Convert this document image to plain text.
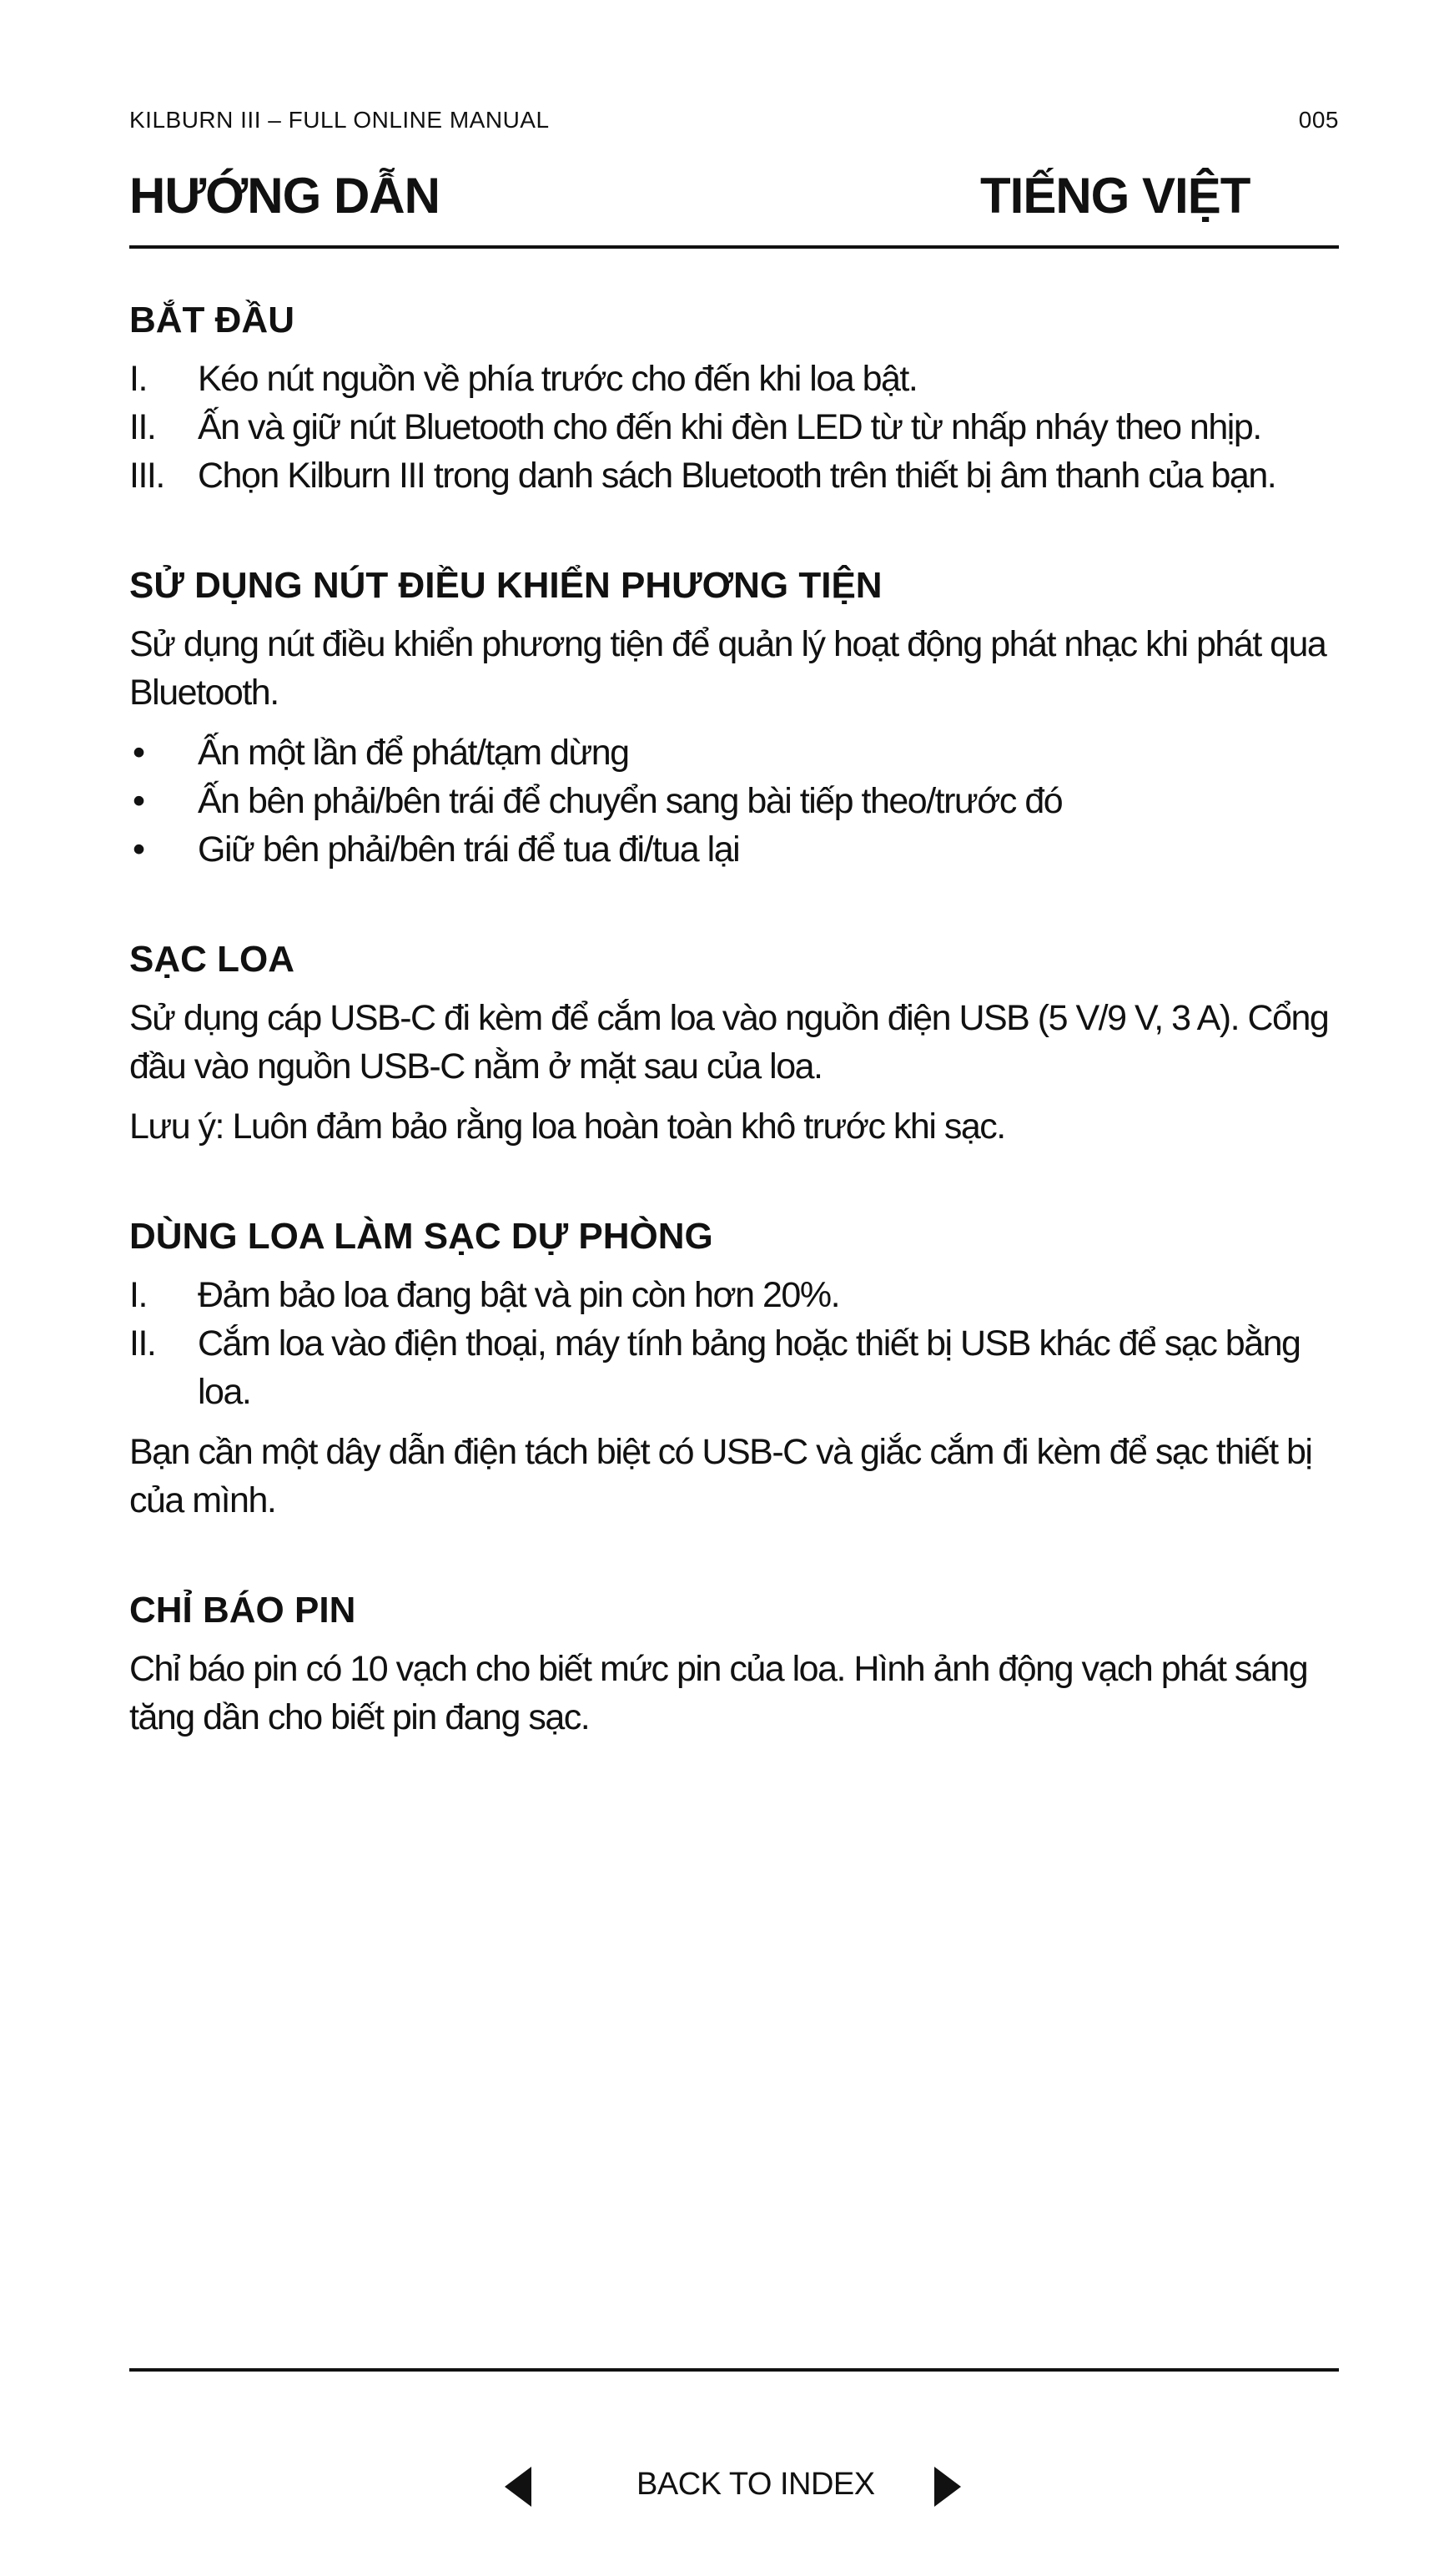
KILBURN III – FULL ONLINE MANUAL	005
HƯỚNG DẪN	TIẾNG VIỆT
BẮT ĐẦU
I. Kéo nút nguồn về phía trước cho đến khi loa bật.
II. Ấn và giữ nút Bluetooth cho đến khi đèn LED từ từ nhấp nháy theo nhịp.
III. Chọn Kilburn III trong danh sách Bluetooth trên thiết bị âm thanh của bạn.
SỬ DỤNG NÚT ĐIỀU KHIỂN PHƯƠNG TIỆN

Sử dụng nút điều khiển phương tiện để quản lý hoạt động phát nhạc khi phát qua Bluetooth.

• Ấn một lần để phát/tạm dừng
• Ấn bên phải/bên trái để chuyển sang bài tiếp theo/trước đó
• Giữ bên phải/bên trái để tua đi/tua lại
SẠC LOA

Sử dụng cáp USB-C đi kèm để cắm loa vào nguồn điện USB (5 V/9 V, 3 A). Cổng đầu vào nguồn USB-C nằm ở mặt sau của loa.

Lưu ý: Luôn đảm bảo rằng loa hoàn toàn khô trước khi sạc.

DÙNG LOA LÀM SẠC DỰ PHÒNG
I. Đảm bảo loa đang bật và pin còn hơn 20%.
II. Cắm loa vào điện thoại, máy tính bảng hoặc thiết bị USB khác để sạc bằng loa.

Bạn cần một dây dẫn điện tách biệt có USB-C và giắc cắm đi kèm để sạc thiết bị của mình.

CHỈ BÁO PIN

Chỉ báo pin có 10 vạch cho biết mức pin của loa. Hình ảnh động vạch phát sáng tăng dần cho biết pin đang sạc.

BACK TO INDEX
